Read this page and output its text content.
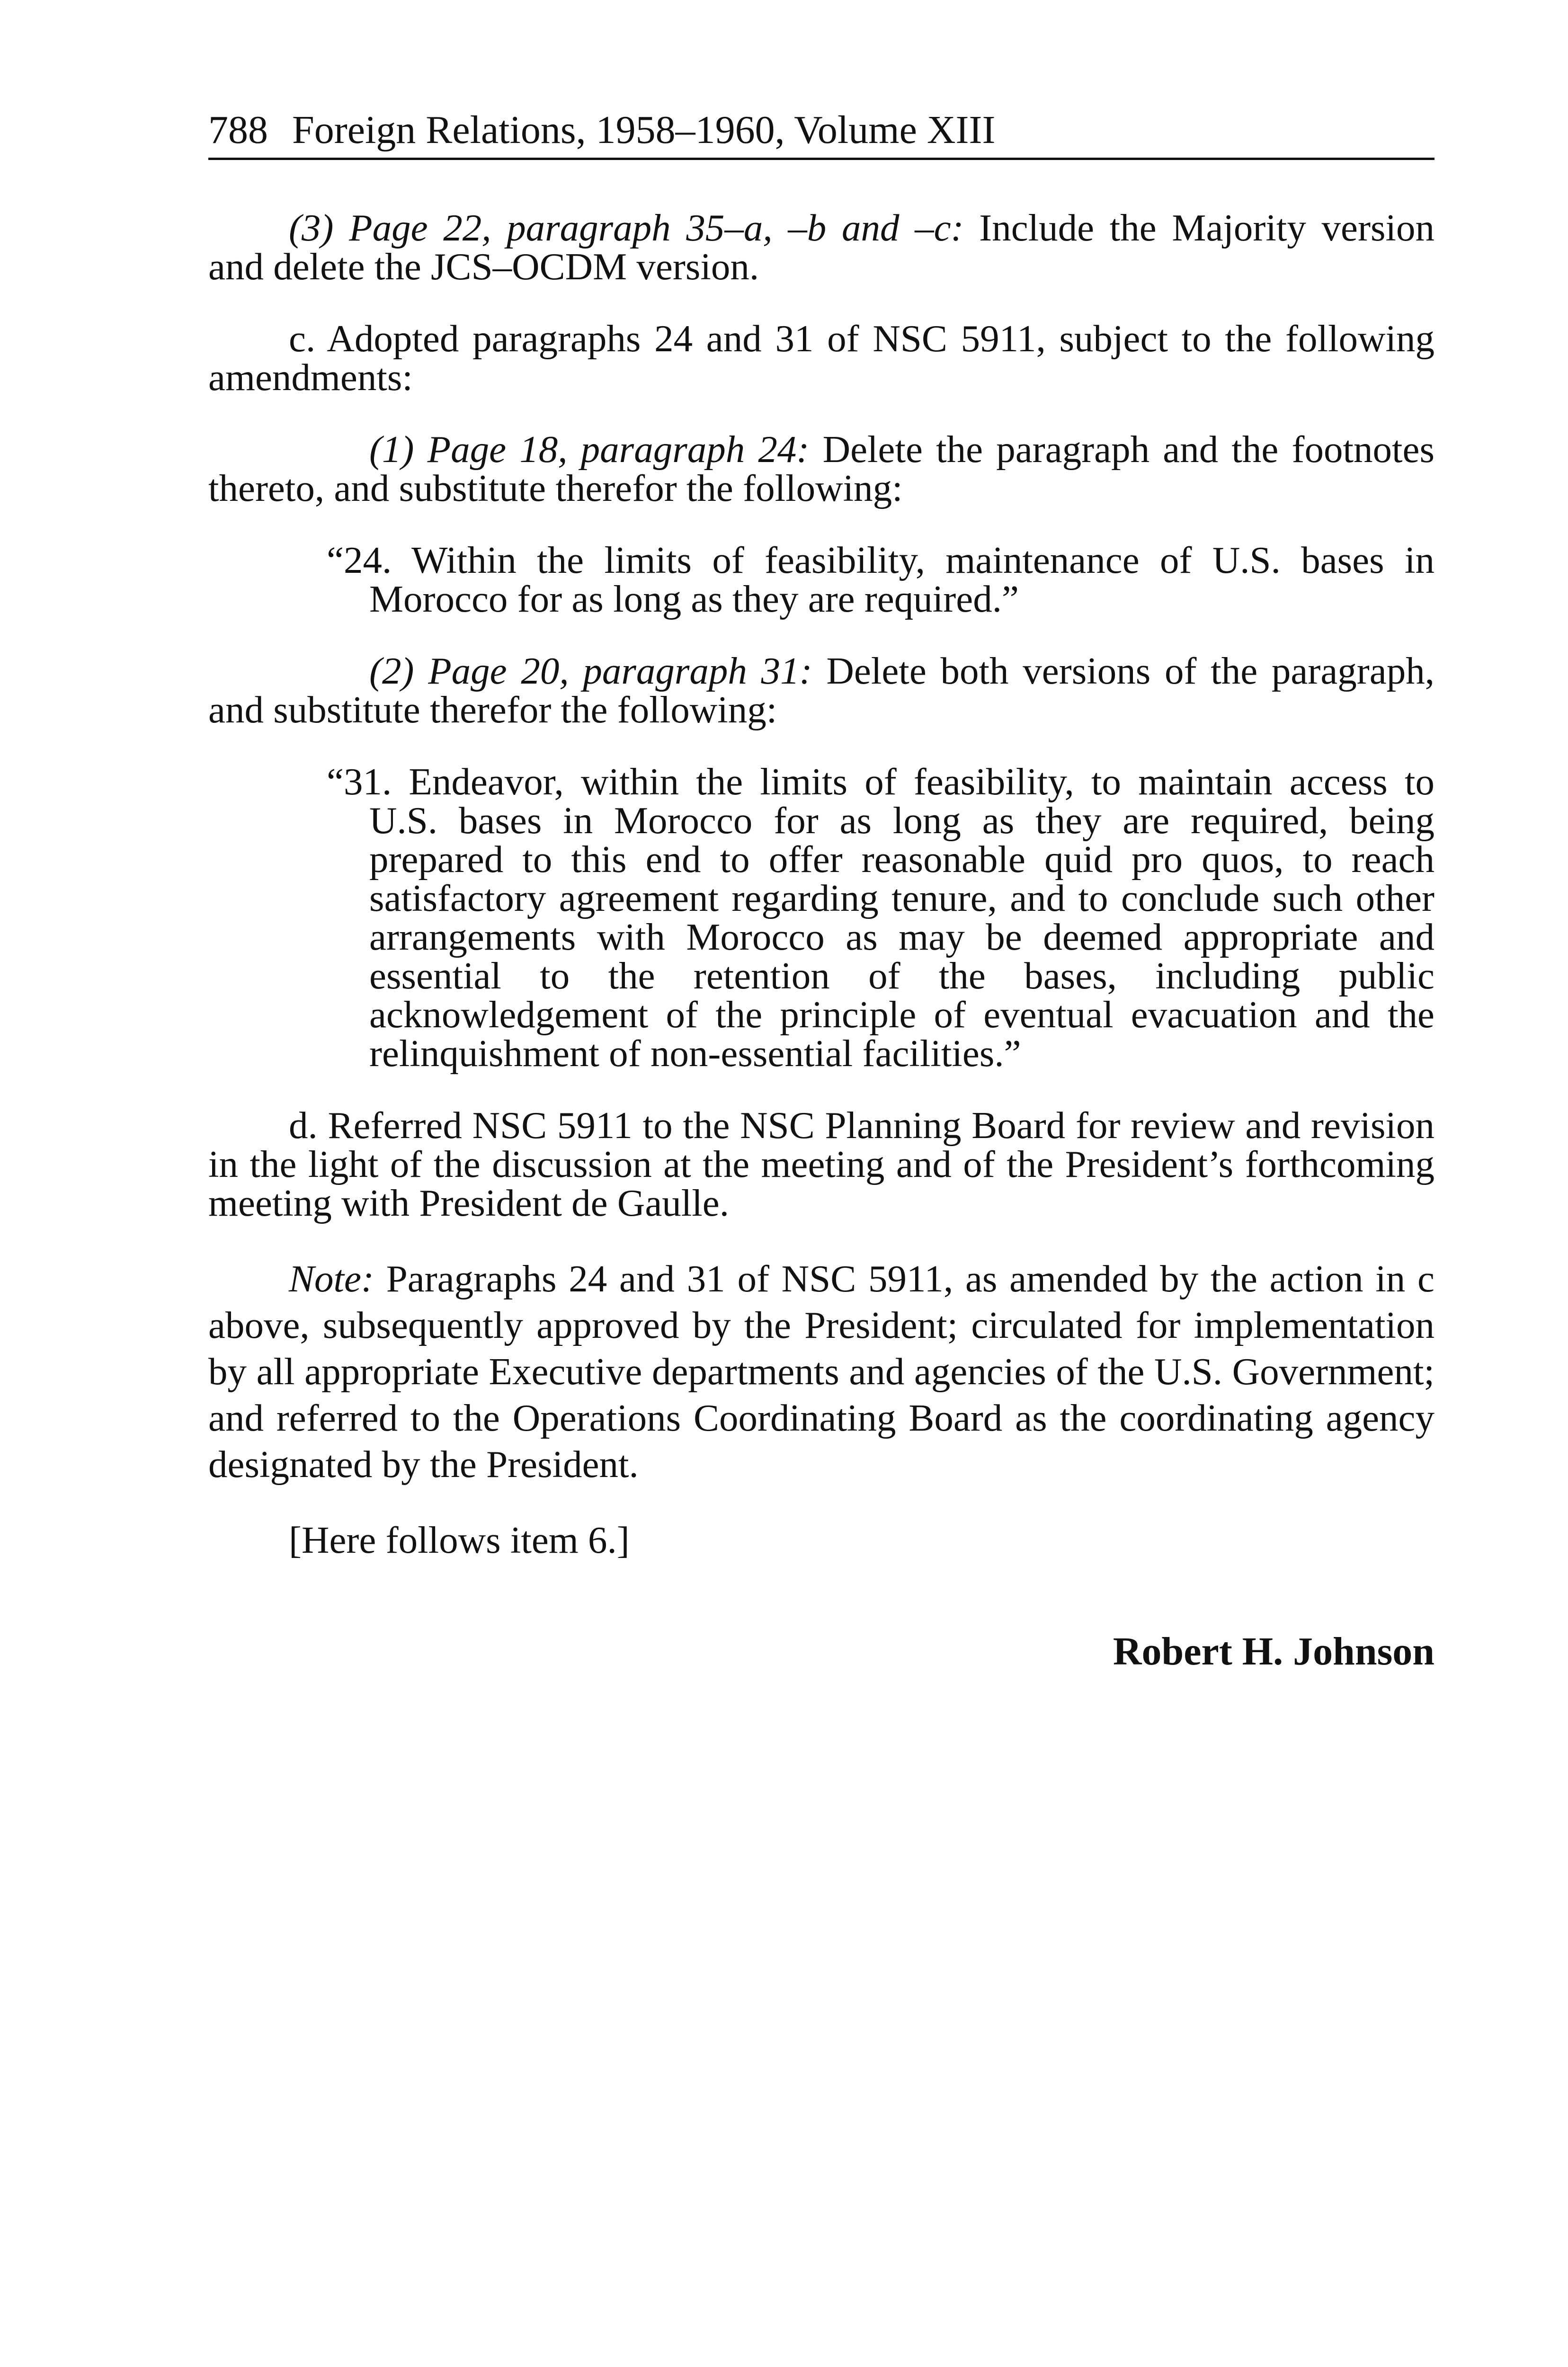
788 Foreign Relations, 1958–1960, Volume XIII

(3) Page 22, paragraph 35–a, –b and –c: Include the Majority version and delete the JCS–OCDM version.

c. Adopted paragraphs 24 and 31 of NSC 5911, subject to the following amendments:

(1) Page 18, paragraph 24: Delete the paragraph and the footnotes thereto, and substitute therefor the following:

“24. Within the limits of feasibility, maintenance of U.S. bases in Morocco for as long as they are required.”

(2) Page 20, paragraph 31: Delete both versions of the paragraph, and substitute therefor the following:

“31. Endeavor, within the limits of feasibility, to maintain access to U.S. bases in Morocco for as long as they are required, being prepared to this end to offer reasonable quid pro quos, to reach satisfactory agreement regarding tenure, and to conclude such other arrangements with Morocco as may be deemed appropriate and essential to the retention of the bases, including public acknowledgement of the principle of eventual evacuation and the relinquishment of non-essential facilities.”

d. Referred NSC 5911 to the NSC Planning Board for review and revision in the light of the discussion at the meeting and of the President’s forthcoming meeting with President de Gaulle.

Note: Paragraphs 24 and 31 of NSC 5911, as amended by the action in c above, subsequently approved by the President; circulated for implementation by all appropriate Executive departments and agencies of the U.S. Government; and referred to the Operations Coordinating Board as the coordinating agency designated by the President.

[Here follows item 6.]

Robert H. Johnson
